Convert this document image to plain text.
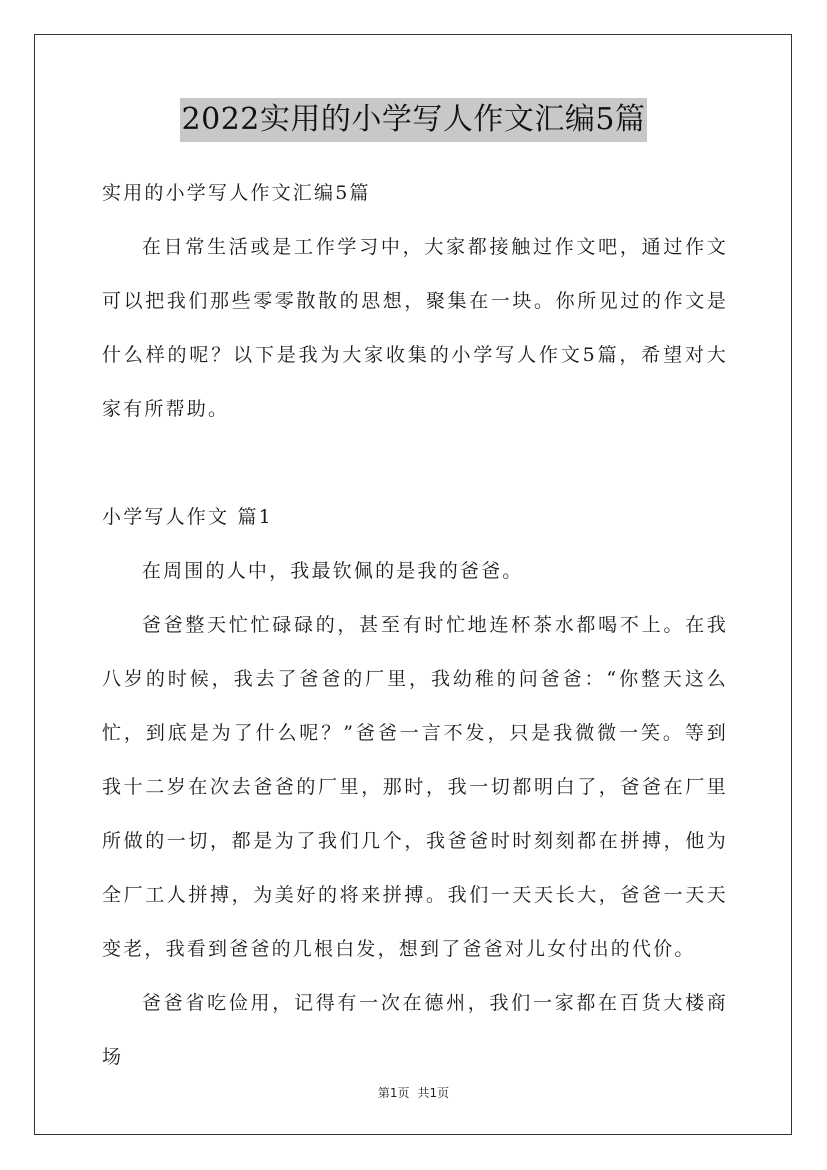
2022实用的小学写人作文汇编5篇

实用的小学写人作文汇编5篇

在日常生活或是工作学习中，大家都接触过作文吧，通过作文可以把我们那些零零散散的思想，聚集在一块。你所见过的作文是什么样的呢？以下是我为大家收集的小学写人作文5篇，希望对大家有所帮助。

小学写人作文 篇1

在周围的人中，我最钦佩的是我的爸爸。

爸爸整天忙忙碌碌的，甚至有时忙地连杯茶水都喝不上。在我八岁的时候，我去了爸爸的厂里，我幼稚的问爸爸：“你整天这么忙，到底是为了什么呢？”爸爸一言不发，只是我微微一笑。等到我十二岁在次去爸爸的厂里，那时，我一切都明白了，爸爸在厂里所做的一切，都是为了我们几个，我爸爸时时刻刻都在拼搏，他为全厂工人拼搏，为美好的将来拼搏。我们一天天长大，爸爸一天天变老，我看到爸爸的几根白发，想到了爸爸对儿女付出的代价。

爸爸省吃俭用，记得有一次在德州，我们一家都在百货大楼商场

第1页 共1页
